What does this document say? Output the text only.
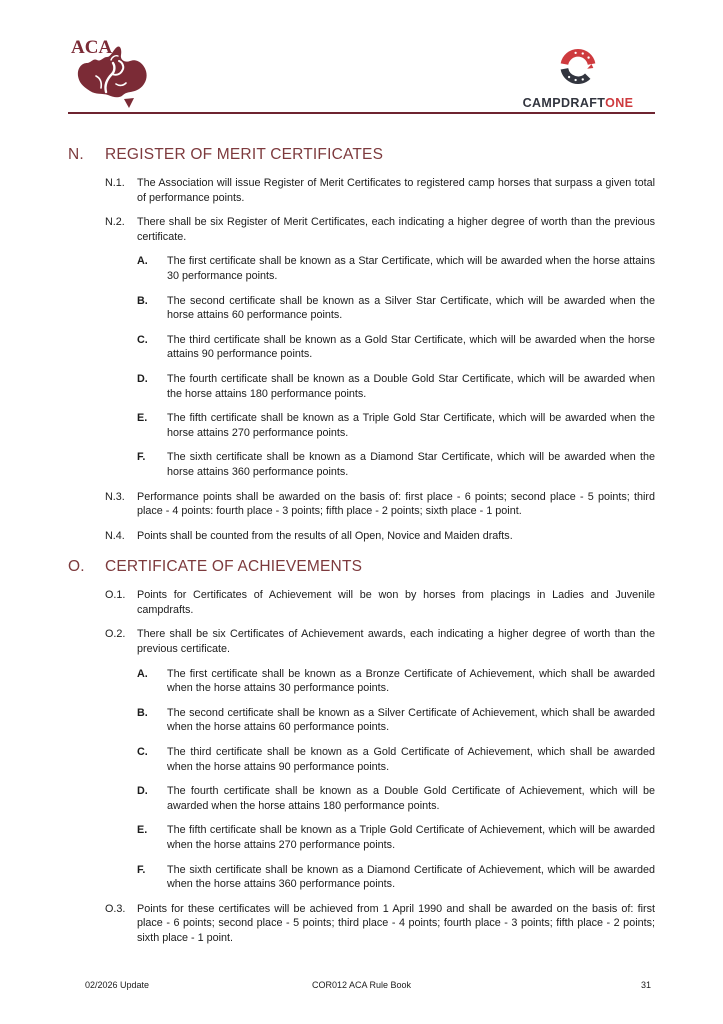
ACA
CAMPDRAFTONE
N.	REGISTER OF MERIT CERTIFICATES
N.1.	The Association will issue Register of Merit Certificates to registered camp horses that surpass a given total of performance points.
N.2.	There shall be six Register of Merit Certificates, each indicating a higher degree of worth than the previous certificate.
A.	The first certificate shall be known as a Star Certificate, which will be awarded when the horse attains 30 performance points.
B.	The second certificate shall be known as a Silver Star Certificate, which will be awarded when the horse attains 60 performance points.
C.	The third certificate shall be known as a Gold Star Certificate, which will be awarded when the horse attains 90 performance points.
D.	The fourth certificate shall be known as a Double Gold Star Certificate, which will be awarded when the horse attains 180 performance points.
E.	The fifth certificate shall be known as a Triple Gold Star Certificate, which will be awarded when the horse attains 270 performance points.
F.	The sixth certificate shall be known as a Diamond Star Certificate, which will be awarded when the horse attains 360 performance points.
N.3.	Performance points shall be awarded on the basis of: first place - 6 points; second place - 5 points; third place - 4 points: fourth place - 3 points; fifth place - 2 points; sixth place - 1 point.
N.4.	Points shall be counted from the results of all Open, Novice and Maiden drafts.
O.	CERTIFICATE OF ACHIEVEMENTS
O.1.	Points for Certificates of Achievement will be won by horses from placings in Ladies and Juvenile campdrafts.
O.2.	There shall be six Certificates of Achievement awards, each indicating a higher degree of worth than the previous certificate.
A.	The first certificate shall be known as a Bronze Certificate of Achievement, which shall be awarded when the horse attains 30 performance points.
B.	The second certificate shall be known as a Silver Certificate of Achievement, which shall be awarded when the horse attains 60 performance points.
C.	The third certificate shall be known as a Gold Certificate of Achievement, which shall be awarded when the horse attains 90 performance points.
D.	The fourth certificate shall be known as a Double Gold Certificate of Achievement, which will be awarded when the horse attains 180 performance points.
E.	The fifth certificate shall be known as a Triple Gold Certificate of Achievement, which will be awarded when the horse attains 270 performance points.
F.	The sixth certificate shall be known as a Diamond Certificate of Achievement, which will be awarded when the horse attains 360 performance points.
O.3.	Points for these certificates will be achieved from 1 April 1990 and shall be awarded on the basis of: first place - 6 points; second place - 5 points; third place - 4 points; fourth place - 3 points; fifth place - 2 points; sixth place - 1 point.
02/2026 Update	COR012 ACA Rule Book	31
